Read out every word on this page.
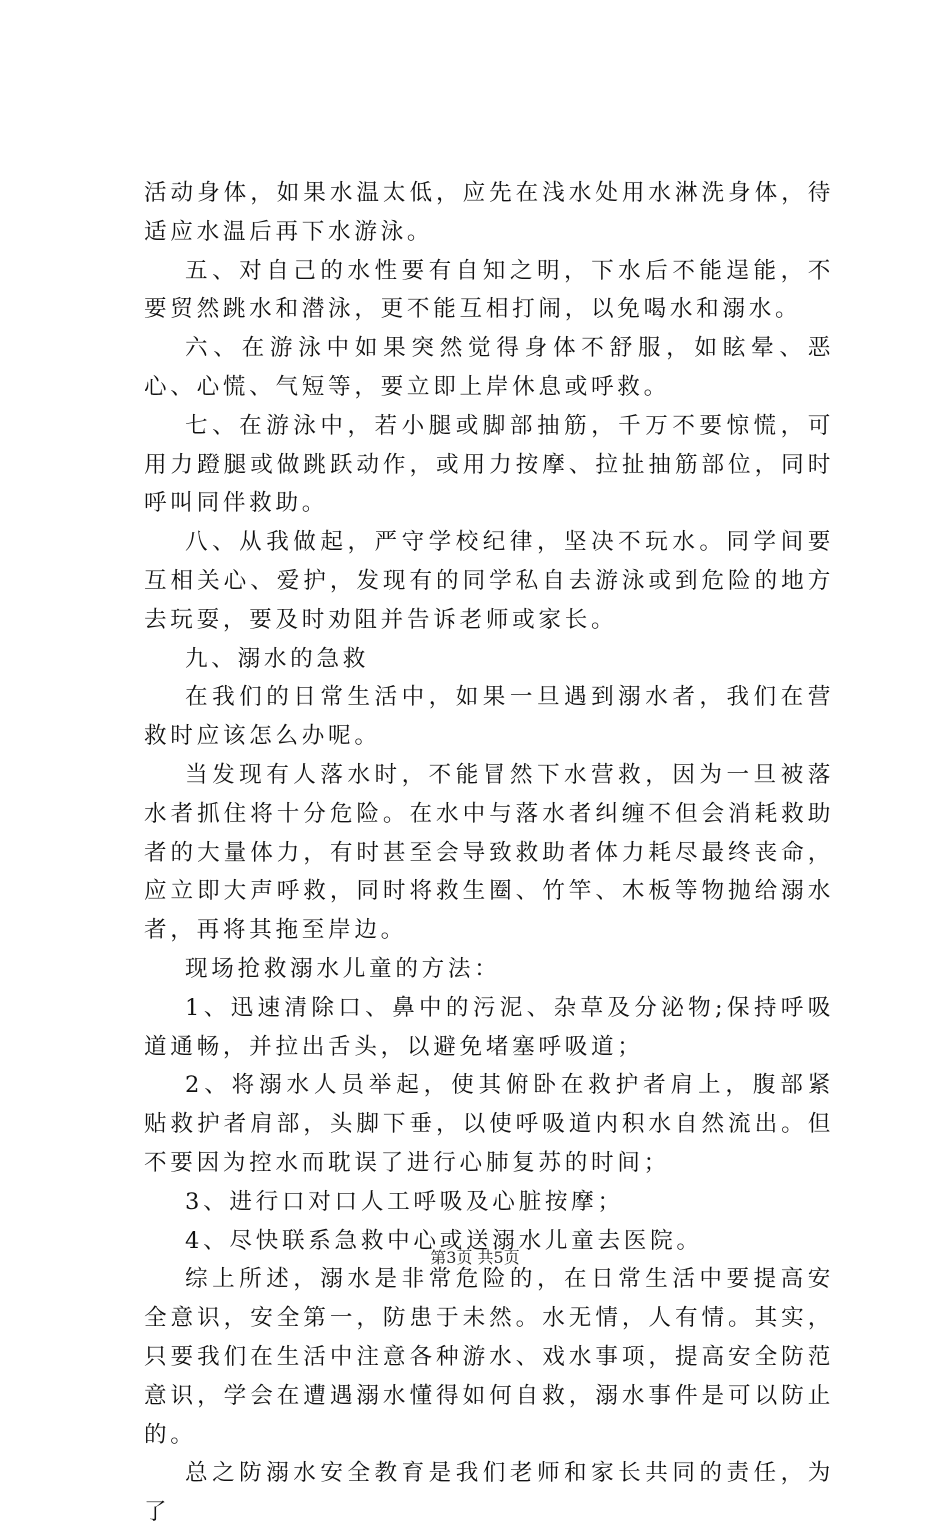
活动身体，如果水温太低，应先在浅水处用水淋洗身体，待适应水温后再下水游泳。

五、对自己的水性要有自知之明，下水后不能逞能，不要贸然跳水和潜泳，更不能互相打闹，以免喝水和溺水。

六、在游泳中如果突然觉得身体不舒服，如眩晕、恶心、心慌、气短等，要立即上岸休息或呼救。

七、在游泳中，若小腿或脚部抽筋，千万不要惊慌，可用力蹬腿或做跳跃动作，或用力按摩、拉扯抽筋部位，同时呼叫同伴救助。

八、从我做起，严守学校纪律，坚决不玩水。同学间要互相关心、爱护，发现有的同学私自去游泳或到危险的地方去玩耍，要及时劝阻并告诉老师或家长。

九、溺水的急救

在我们的日常生活中，如果一旦遇到溺水者，我们在营救时应该怎么办呢。

当发现有人落水时，不能冒然下水营救，因为一旦被落水者抓住将十分危险。在水中与落水者纠缠不但会消耗救助者的大量体力，有时甚至会导致救助者体力耗尽最终丧命，应立即大声呼救，同时将救生圈、竹竿、木板等物抛给溺水者，再将其拖至岸边。

现场抢救溺水儿童的方法：

1、迅速清除口、鼻中的污泥、杂草及分泌物;保持呼吸道通畅，并拉出舌头，以避免堵塞呼吸道；

2、将溺水人员举起，使其俯卧在救护者肩上，腹部紧贴救护者肩部，头脚下垂，以使呼吸道内积水自然流出。但不要因为控水而耽误了进行心肺复苏的时间；

3、进行口对口人工呼吸及心脏按摩；

4、尽快联系急救中心或送溺水儿童去医院。

综上所述，溺水是非常危险的，在日常生活中要提高安全意识，安全第一，防患于未然。水无情，人有情。其实，只要我们在生活中注意各种游水、戏水事项，提高安全防范意识，学会在遭遇溺水懂得如何自救，溺水事件是可以防止的。

总之防溺水安全教育是我们老师和家长共同的责任，为了

第3页 共5页
